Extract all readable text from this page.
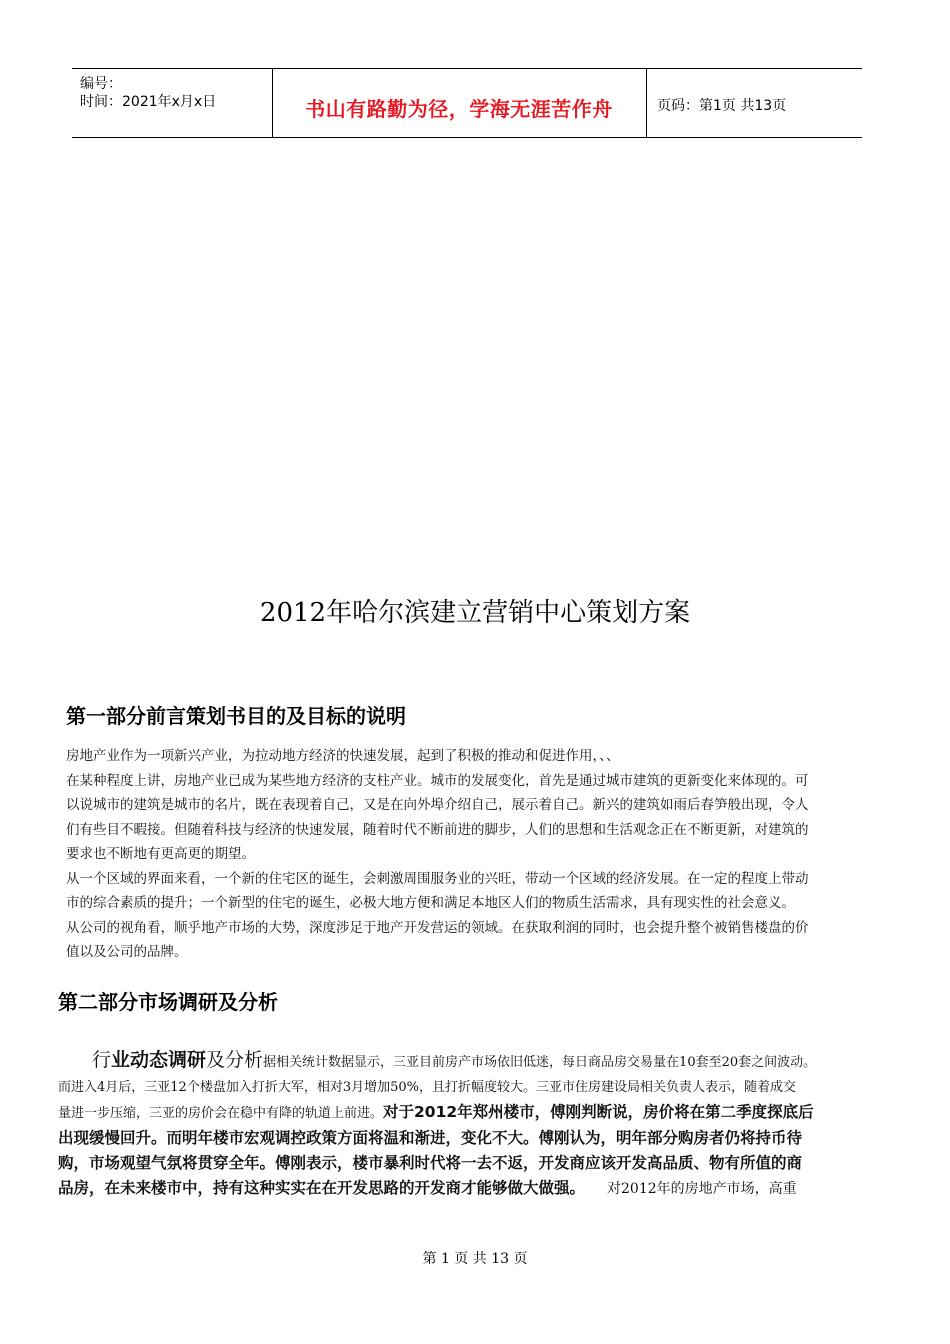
编号：
时间：2021年x月x日	书山有路勤为径，学海无涯苦作舟	页码：第1页 共13页
2012年哈尔滨建立营销中心策划方案
第一部分前言策划书目的及目标的说明
房地产业作为一项新兴产业，为拉动地方经济的快速发展，起到了积极的推动和促进作用，、、
在某种程度上讲，房地产业已成为某些地方经济的支柱产业。城市的发展变化，首先是通过城市建筑的更新变化来体现的。可
以说城市的建筑是城市的名片，既在表现着自己，又是在向外埠介绍自己，展示着自己。新兴的建筑如雨后春笋般出现，令人
们有些目不暇接。但随着科技与经济的快速发展，随着时代不断前进的脚步，人们的思想和生活观念正在不断更新，对建筑的
要求也不断地有更高更的期望。
从一个区域的界面来看，一个新的住宅区的诞生，会刺激周围服务业的兴旺，带动一个区域的经济发展。在一定的程度上带动
市的综合素质的提升；一个新型的住宅的诞生，必极大地方便和满足本地区人们的物质生活需求，具有现实性的社会意义。
从公司的视角看，顺乎地产市场的大势，深度涉足于地产开发营运的领域。在获取利润的同时，也会提升整个被销售楼盘的价
值以及公司的品牌。
第二部分市场调研及分析
行业动态调研及分析据相关统计数据显示，三亚目前房产市场依旧低迷，每日商品房交易量在10套至20套之间波动。
而进入4月后，三亚12个楼盘加入打折大军，相对3月增加50%，且打折幅度较大。三亚市住房建设局相关负责人表示，随着成交
量进一步压缩，三亚的房价会在稳中有降的轨道上前进。对于2012年郑州楼市，傅刚判断说，房价将在第二季度探底后
出现缓慢回升。而明年楼市宏观调控政策方面将温和渐进，变化不大。傅刚认为，明年部分购房者仍将持币待
购，市场观望气氛将贯穿全年。傅刚表示，楼市暴利时代将一去不返，开发商应该开发高品质、物有所值的商
品房，在未来楼市中，持有这种实实在在开发思路的开发商才能够做大做强。 对2012年的房地产市场，高重
第 1 页 共 13 页
